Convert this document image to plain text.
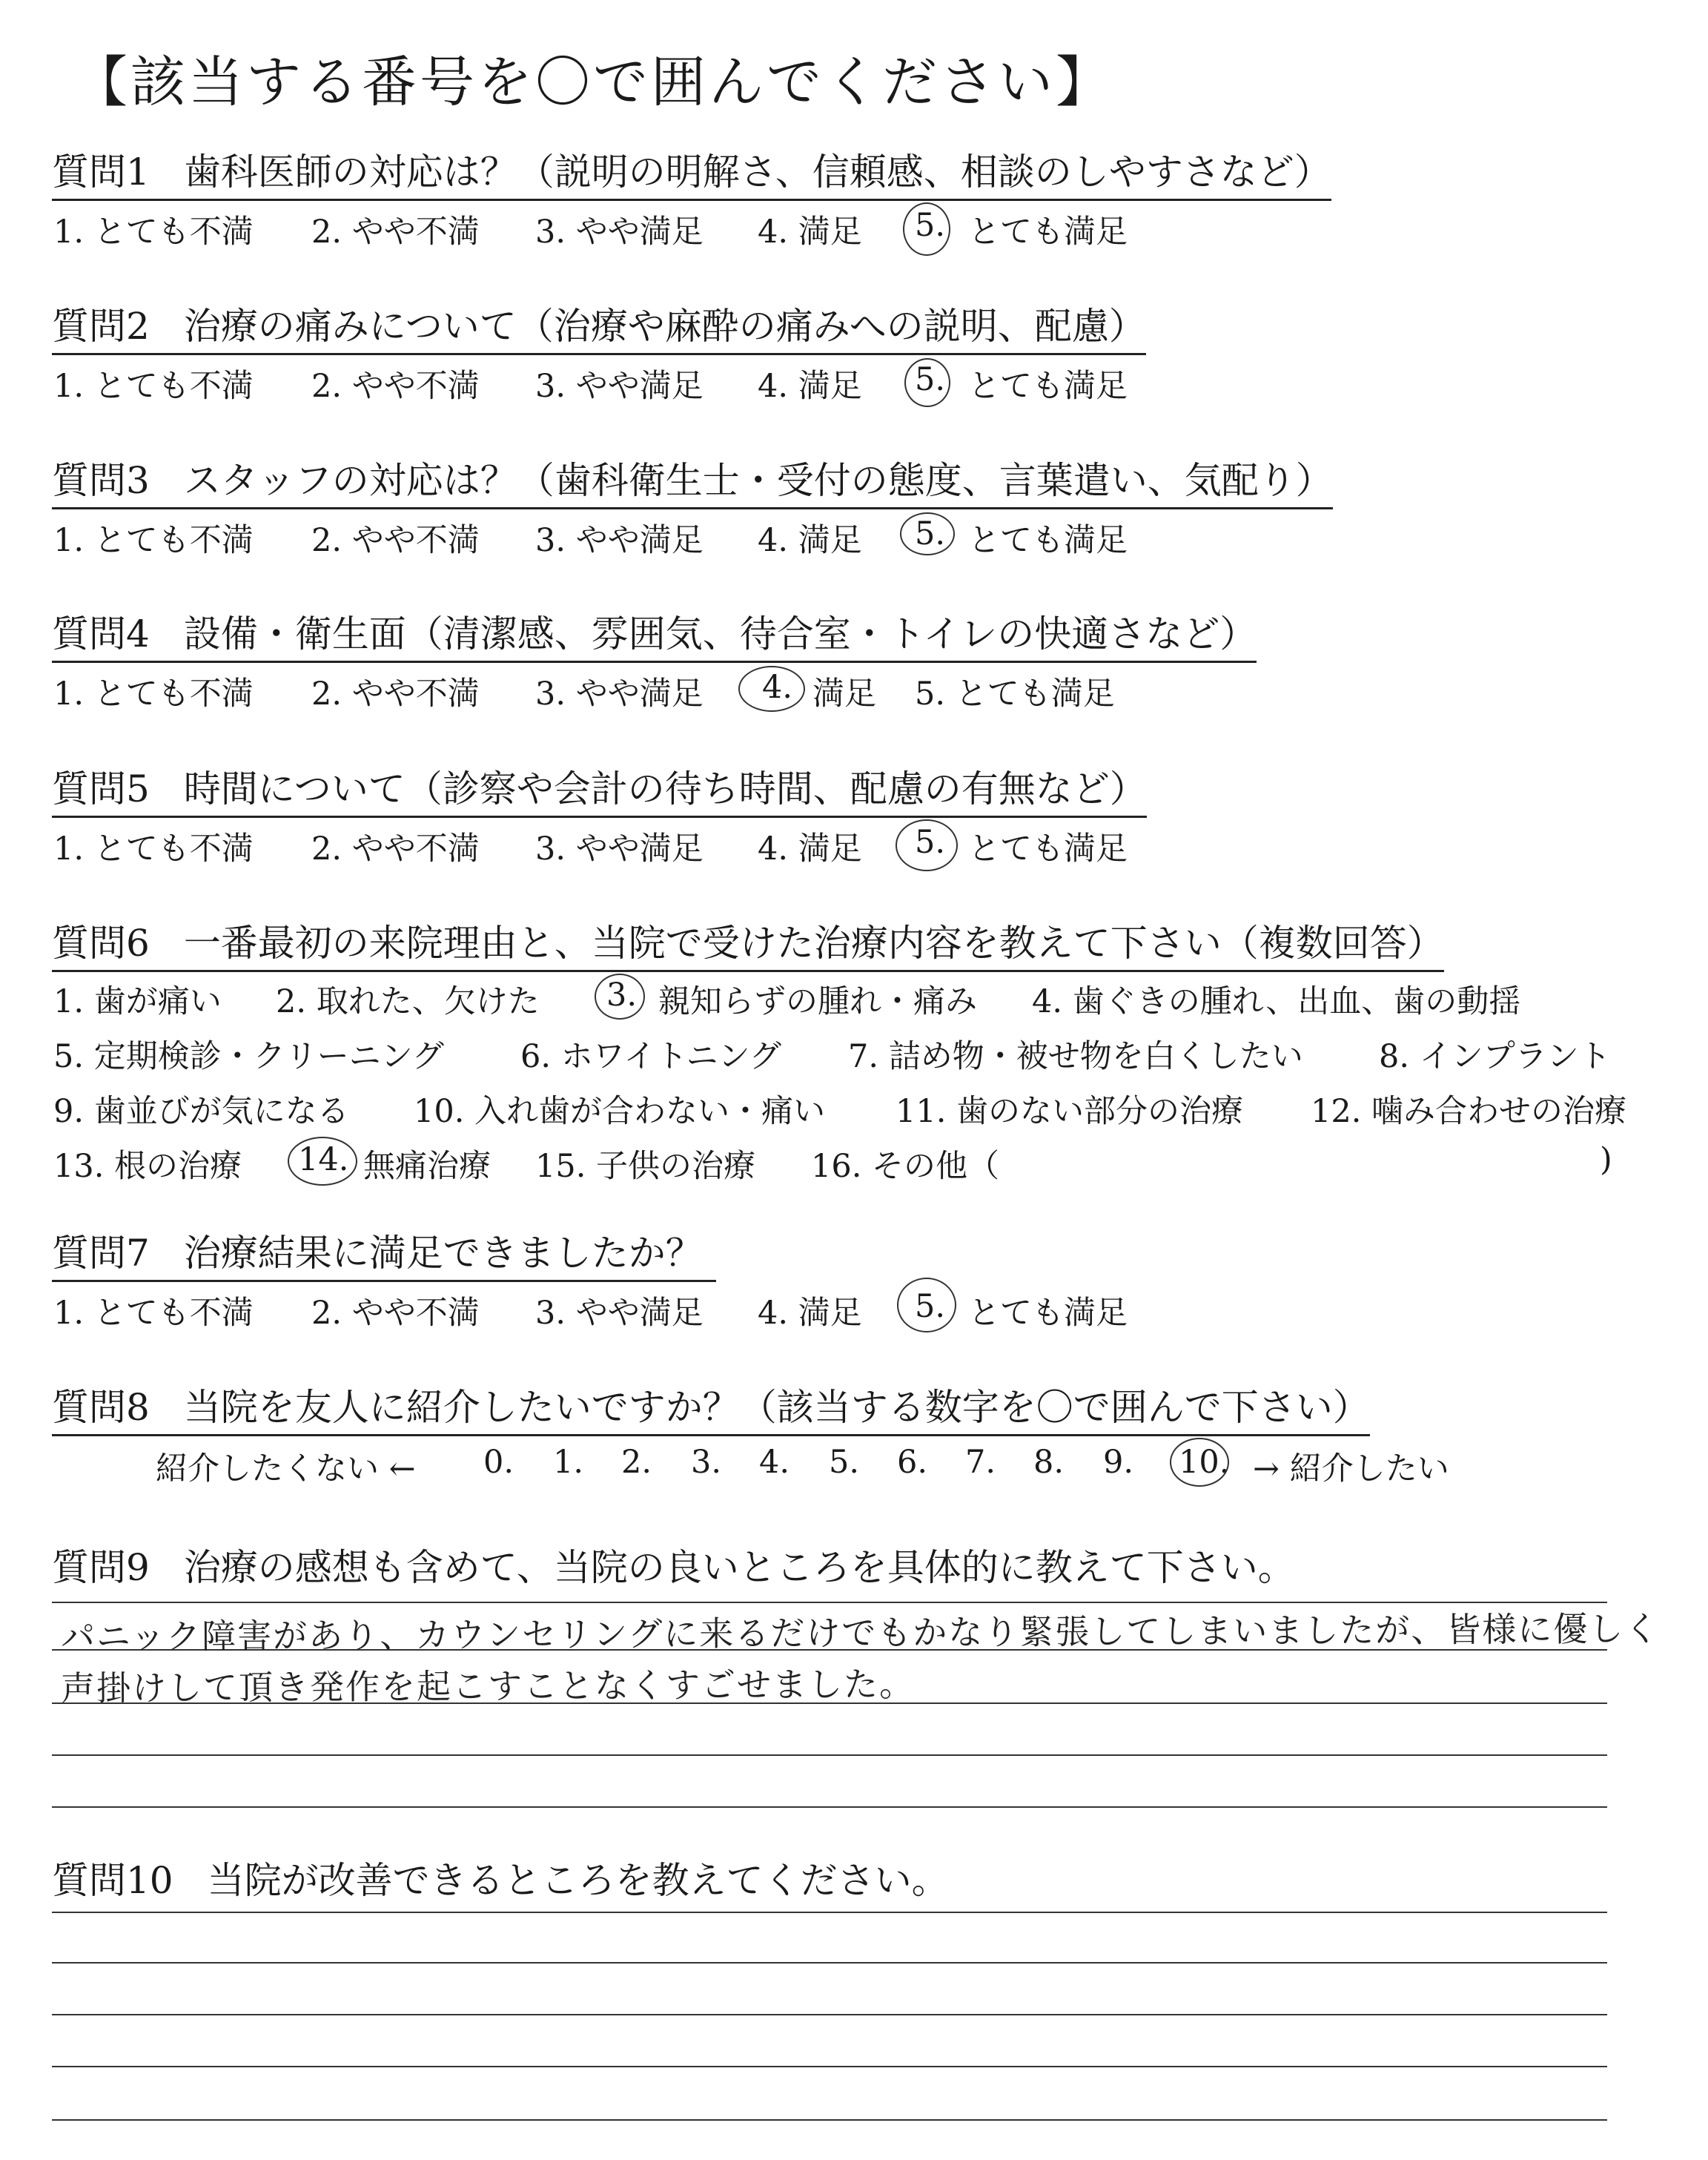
【該当する番号を〇で囲んでください】
質問1 歯科医師の対応は？（説明の明解さ、信頼感、相談のしやすさなど）
1. とても不満 2. やや不満 3. やや満足 4. 満足 5. とても満足
質問2 治療の痛みについて（治療や麻酔の痛みへの説明、配慮）
1. とても不満 2. やや不満 3. やや満足 4. 満足 5. とても満足
質問3 スタッフの対応は？（歯科衛生士・受付の態度、言葉遣い、気配り）
1. とても不満 2. やや不満 3. やや満足 4. 満足 5. とても満足
質問4 設備・衛生面（清潔感、雰囲気、待合室・トイレの快適さなど）
1. とても不満 2. やや不満 3. やや満足 4. 満足 5. とても満足
質問5 時間について（診察や会計の待ち時間、配慮の有無など）
1. とても不満 2. やや不満 3. やや満足 4. 満足 5. とても満足
質問6 一番最初の来院理由と、当院で受けた治療内容を教えて下さい（複数回答）
1. 歯が痛い 2. 取れた、欠けた 3. 親知らずの腫れ・痛み 4. 歯ぐきの腫れ、出血、歯の動揺
5. 定期検診・クリーニング 6. ホワイトニング 7. 詰め物・被せ物を白くしたい 8. インプラント
9. 歯並びが気になる 10. 入れ歯が合わない・痛い 11. 歯のない部分の治療 12. 噛み合わせの治療
13. 根の治療 14. 無痛治療 15. 子供の治療 16. その他（	)
質問7 治療結果に満足できましたか？
1. とても不満 2. やや不満 3. やや満足 4. 満足 5. とても満足
質問8 当院を友人に紹介したいですか？（該当する数字を〇で囲んで下さい）
紹介したくない ← 0. 1. 2. 3. 4. 5. 6. 7. 8. 9. 10. → 紹介したい
質問9 治療の感想も含めて、当院の良いところを具体的に教えて下さい。
パニック障害があり、カウンセリングに来るだけでもかなり緊張してしまいましたが、皆様に優しく
声掛けして頂き発作を起こすことなくすごせました。
質問10 当院が改善できるところを教えてください。
